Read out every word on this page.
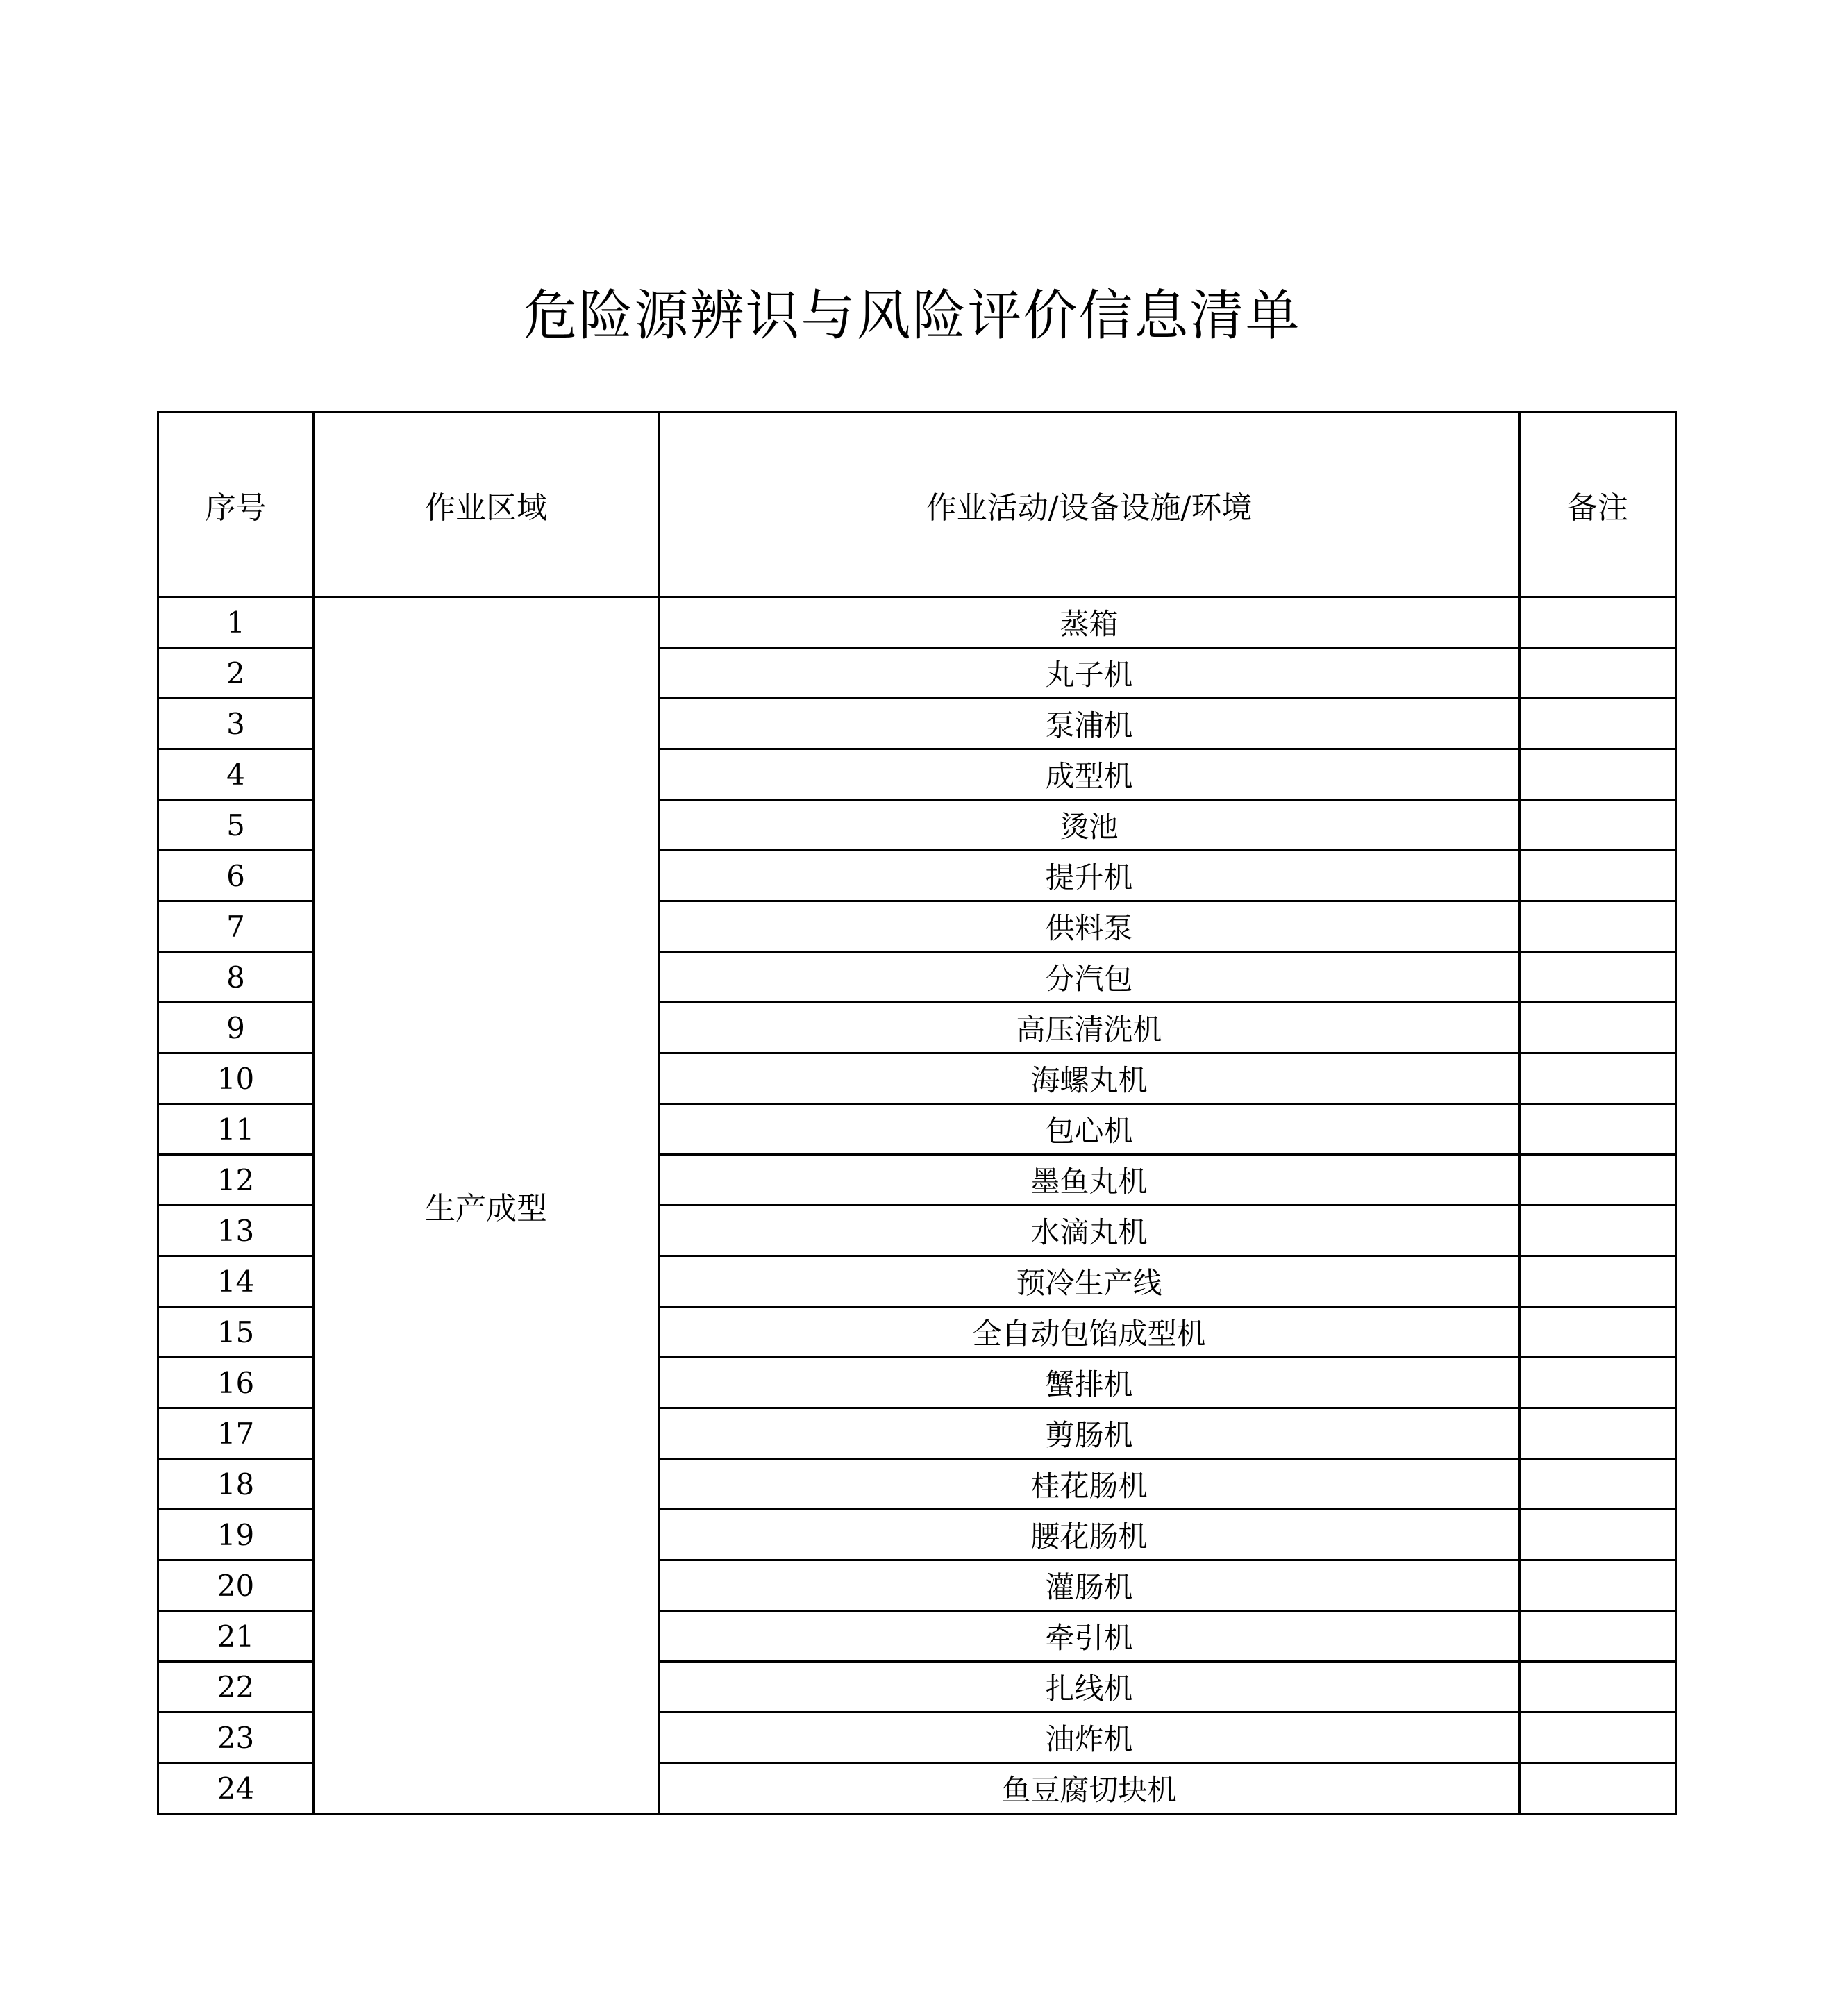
危险源辨识与风险评价信息清单
序号	作业区域	作业活动/设备设施/环境	备注
1	生产成型	蒸箱	
2		丸子机	
3		泵浦机	
4		成型机	
5		烫池	
6		提升机	
7		供料泵	
8		分汽包	
9		高压清洗机	
10		海螺丸机	
11		包心机	
12		墨鱼丸机	
13		水滴丸机	
14		预冷生产线	
15		全自动包馅成型机	
16		蟹排机	
17		剪肠机	
18		桂花肠机	
19		腰花肠机	
20		灌肠机	
21		牵引机	
22		扎线机	
23		油炸机	
24		鱼豆腐切块机	
